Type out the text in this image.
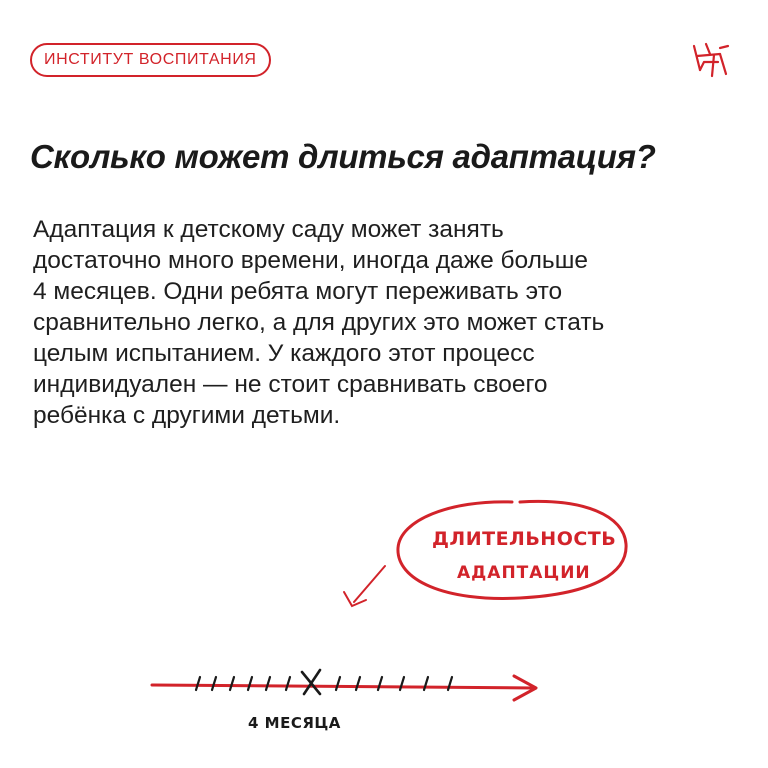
ИНСТИТУТ ВОСПИТАНИЯ
Сколько может длиться адаптация?

Адаптация к детскому саду может занять
достаточно много времени, иногда даже больше
4 месяцев. Одни ребята могут переживать это
сравнительно легко, а для других это может стать
целым испытанием. У каждого этот процесс
индивидуален — не стоит сравнивать своего
ребёнка с другими детьми.

ДЛИТЕЛЬНОСТЬ
АДАПТАЦИИ
4 МЕСЯЦА
